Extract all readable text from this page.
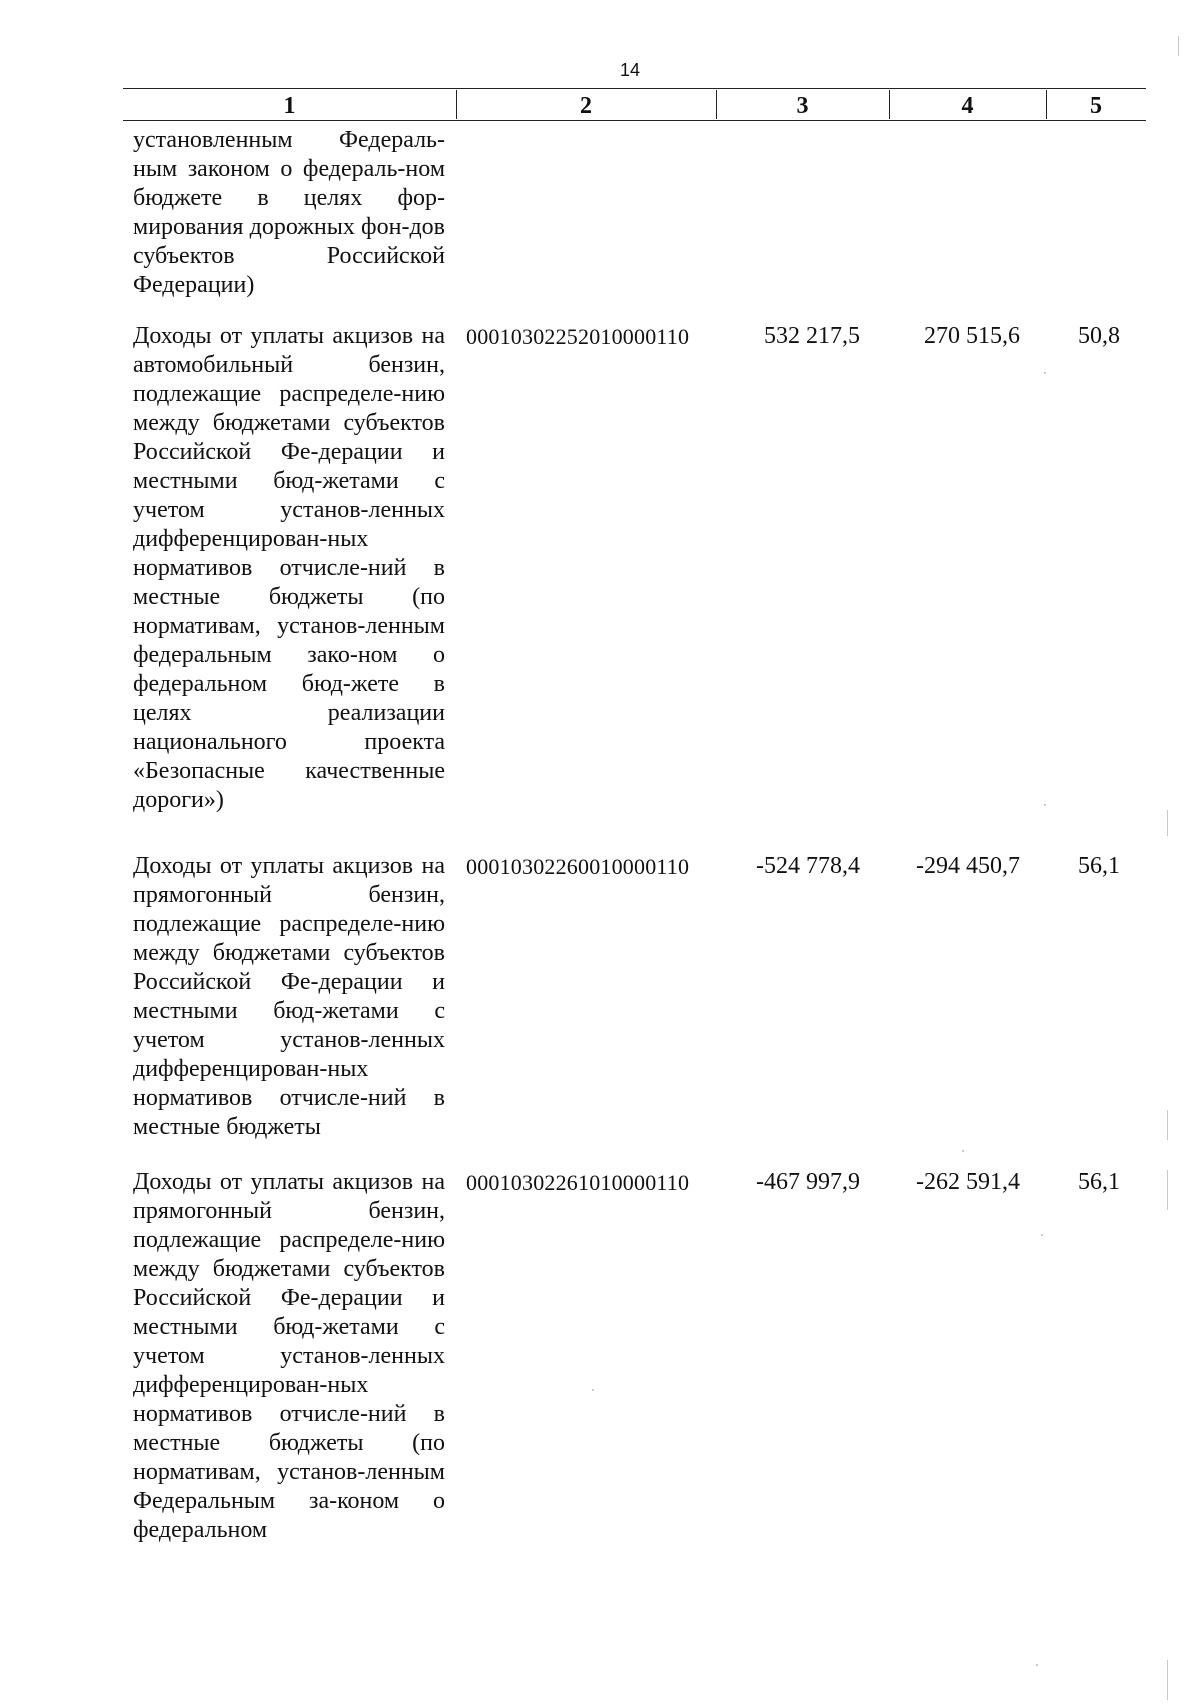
14
1	2	3	4	5
установленным Федераль-ным законом о федераль-ном бюджете в целях фор-мирования дорожных фон-дов субъектов Российской Федерации)
Доходы от уплаты акцизов на автомобильный бензин, подлежащие распределе-нию между бюджетами субъектов Российской Фе-дерации и местными бюд-жетами с учетом установ-ленных дифференцирован-ных нормативов отчисле-ний в местные бюджеты (по нормативам, установ-ленным федеральным зако-ном о федеральном бюд-жете в целях реализации национального проекта «Безопасные качественные дороги»)
00010302252010000110	532 217,5	270 515,6	50,8
Доходы от уплаты акцизов на прямогонный бензин, подлежащие распределе-нию между бюджетами субъектов Российской Фе-дерации и местными бюд-жетами с учетом установ-ленных дифференцирован-ных нормативов отчисле-ний в местные бюджеты
00010302260010000110	-524 778,4	-294 450,7	56,1
Доходы от уплаты акцизов на прямогонный бензин, подлежащие распределе-нию между бюджетами субъектов Российской Фе-дерации и местными бюд-жетами с учетом установ-ленных дифференцирован-ных нормативов отчисле-ний в местные бюджеты (по нормативам, установ-ленным Федеральным за-коном о федеральном
00010302261010000110	-467 997,9	-262 591,4	56,1
